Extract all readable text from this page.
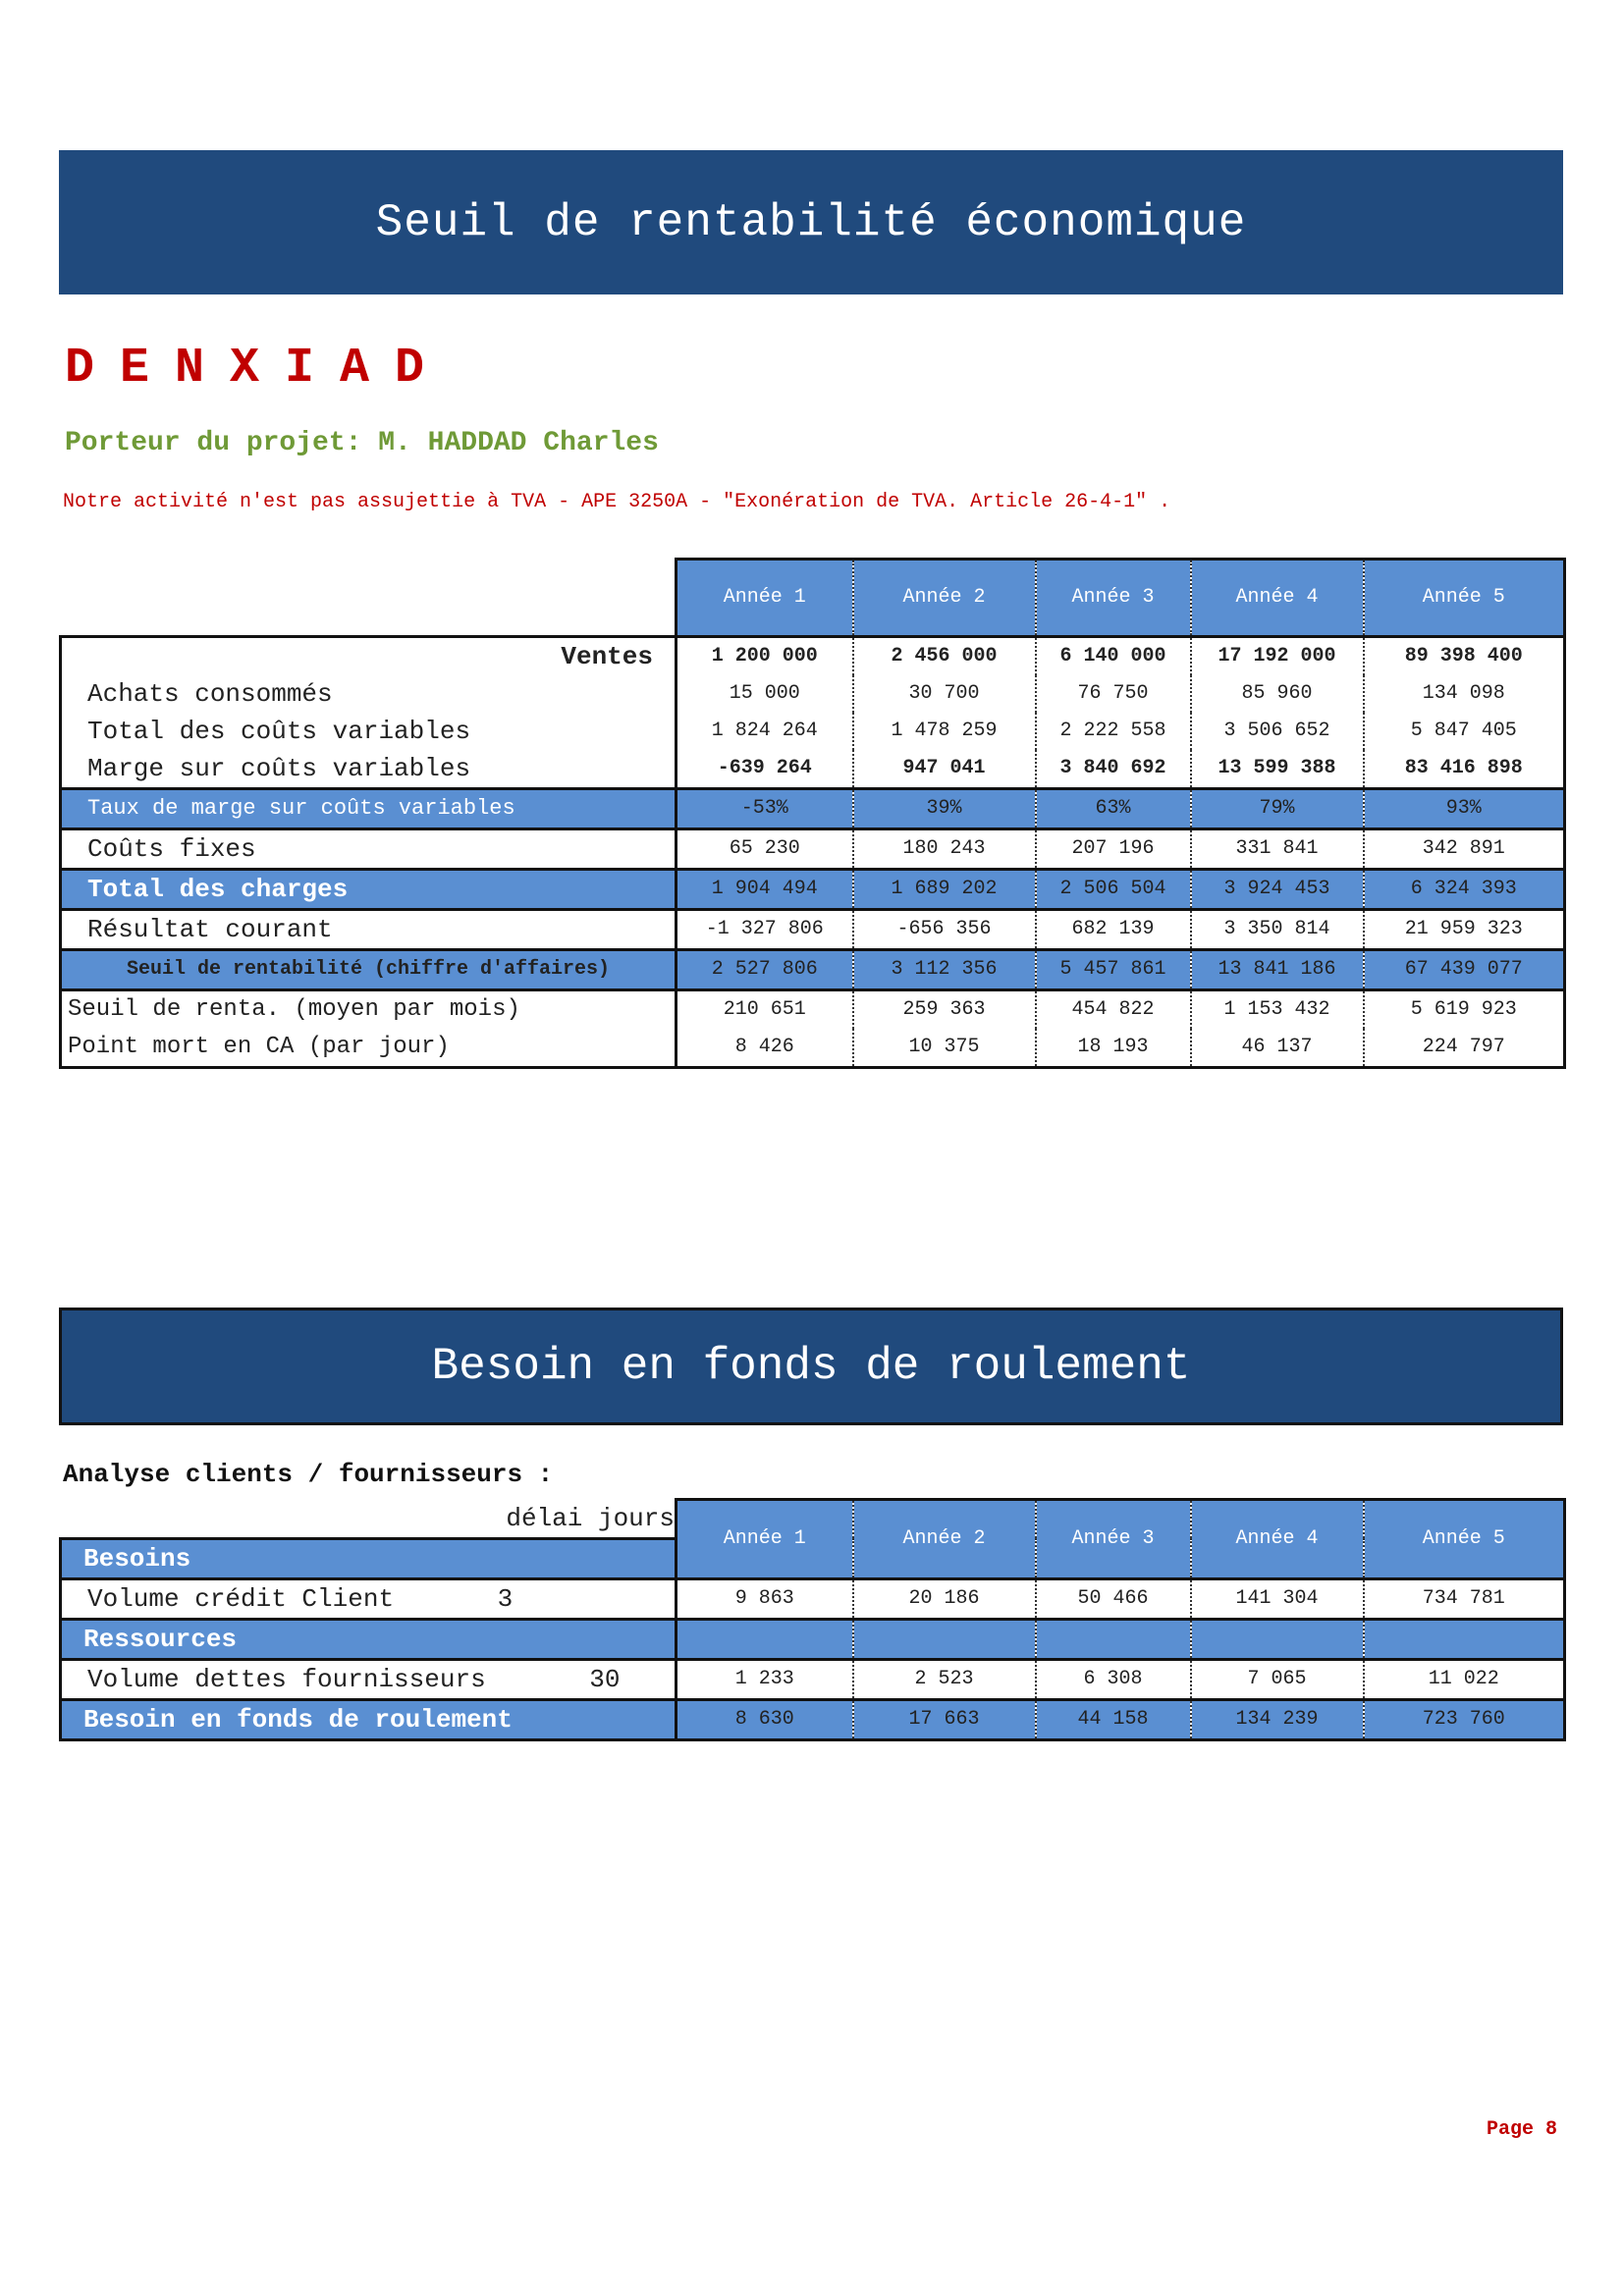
Seuil de rentabilité économique
DENXIAD
Porteur du projet: M. HADDAD Charles
Notre activité n'est pas assujettie à TVA - APE 3250A - "Exonération de TVA. Article 26-4-1" .
	Année 1	Année 2	Année 3	Année 4	Année 5
Ventes	1 200 000	2 456 000	6 140 000	17 192 000	89 398 400
Achats consommés	15 000	30 700	76 750	85 960	134 098
Total des coûts variables	1 824 264	1 478 259	2 222 558	3 506 652	5 847 405
Marge sur coûts variables	-639 264	947 041	3 840 692	13 599 388	83 416 898
Taux de marge sur coûts variables	-53%	39%	63%	79%	93%
Coûts fixes	65 230	180 243	207 196	331 841	342 891
Total des charges	1 904 494	1 689 202	2 506 504	3 924 453	6 324 393
Résultat courant	-1 327 806	-656 356	682 139	3 350 814	21 959 323
Seuil de rentabilité (chiffre d'affaires)	2 527 806	3 112 356	5 457 861	13 841 186	67 439 077
Seuil de renta. (moyen par mois)	210 651	259 363	454 822	1 153 432	5 619 923
Point mort en CA (par jour)	8 426	10 375	18 193	46 137	224 797
Besoin en fonds de roulement
Analyse clients / fournisseurs :
délai jours	Année 1	Année 2	Année 3	Année 4	Année 5
Besoins					
Volume crédit Client 3	9 863	20 186	50 466	141 304	734 781
Ressources					
Volume dettes fournisseurs 30	1 233	2 523	6 308	7 065	11 022
Besoin en fonds de roulement	8 630	17 663	44 158	134 239	723 760
Page 8
